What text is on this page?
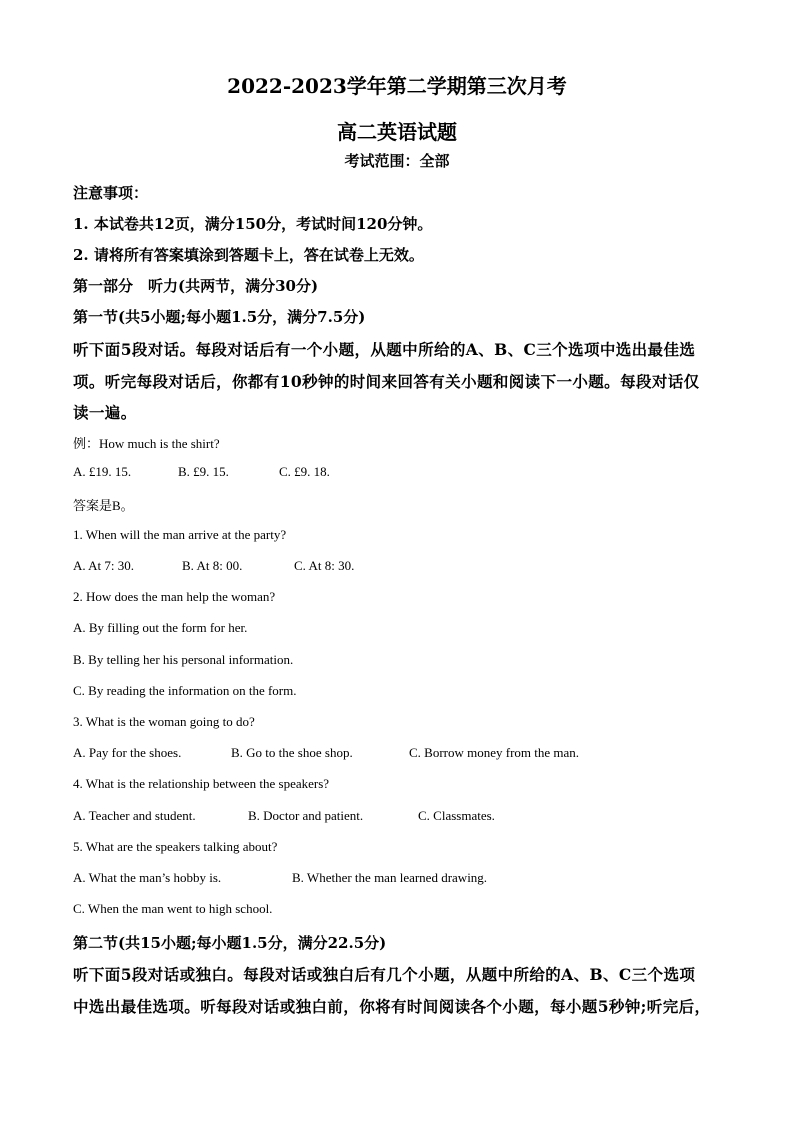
2022-2023学年第二学期第三次月考
高二英语试题
考试范围：全部
注意事项：
1. 本试卷共12页，满分150分，考试时间120分钟。
2. 请将所有答案填涂到答题卡上，答在试卷上无效。
第一部分　听力(共两节，满分30分)
第一节(共5小题;每小题1.5分，满分7.5分)
听下面5段对话。每段对话后有一个小题，从题中所给的A、B、C三个选项中选出最佳选
项。听完每段对话后，你都有10秒钟的时间来回答有关小题和阅读下一小题。每段对话仅
读一遍。
例：How much is the shirt?
A. £19. 15.	B. £9. 15.	C. £9. 18.
答案是B。
1. When will the man arrive at the party?
A. At 7: 30.	B. At 8: 00.	C. At 8: 30.
2. How does the man help the woman?
A. By filling out the form for her.
B. By telling her his personal information.
C. By reading the information on the form.
3. What is the woman going to do?
A. Pay for the shoes.	B. Go to the shoe shop.	C. Borrow money from the man.
4. What is the relationship between the speakers?
A. Teacher and student.	B. Doctor and patient.	C. Classmates.
5. What are the speakers talking about?
A. What the man’s hobby is.	B. Whether the man learned drawing.
C. When the man went to high school.
第二节(共15小题;每小题1.5分，满分22.5分)
听下面5段对话或独白。每段对话或独白后有几个小题，从题中所给的A、B、C三个选项
中选出最佳选项。听每段对话或独白前，你将有时间阅读各个小题，每小题5秒钟;听完后，
